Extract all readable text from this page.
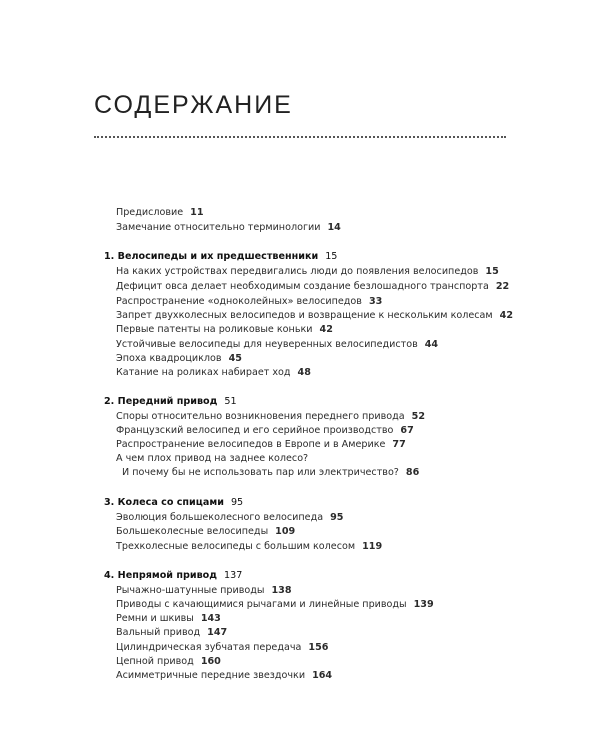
СОДЕРЖАНИЕ
Предисловие 11
Замечание относительно терминологии 14
1. Велосипеды и их предшественники 15
На каких устройствах передвигались люди до появления велосипедов 15
Дефицит овса делает необходимым создание безлошадного транспорта 22
Распространение «одноколейных» велосипедов 33
Запрет двухколесных велосипедов и возвращение к нескольким колесам 42
Первые патенты на роликовые коньки 42
Устойчивые велосипеды для неуверенных велосипедистов 44
Эпоха квадроциклов 45
Катание на роликах набирает ход 48
2. Передний привод 51
Споры относительно возникновения переднего привода 52
Французский велосипед и его серийное производство 67
Распространение велосипедов в Европе и в Америке 77
А чем плох привод на заднее колесо?
И почему бы не использовать пар или электричество? 86
3. Колеса со спицами 95
Эволюция большеколесного велосипеда 95
Большеколесные велосипеды 109
Трехколесные велосипеды с большим колесом 119
4. Непрямой привод 137
Рычажно-шатунные приводы 138
Приводы с качающимися рычагами и линейные приводы 139
Ремни и шкивы 143
Вальный привод 147
Цилиндрическая зубчатая передача 156
Цепной привод 160
Асимметричные передние звездочки 164
